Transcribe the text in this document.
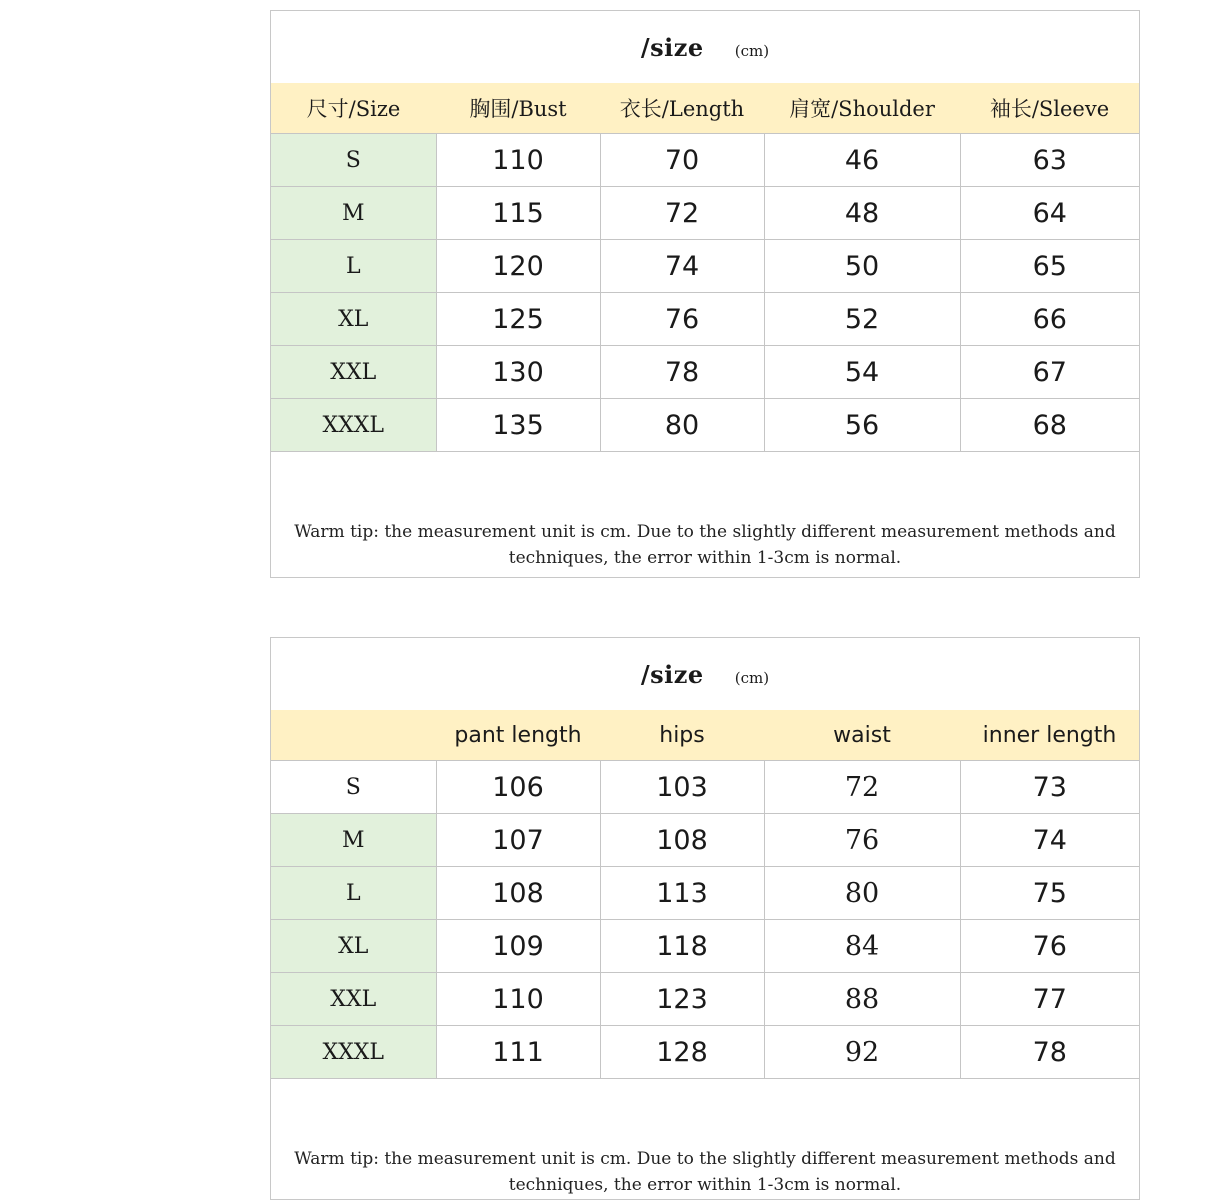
/size (cm)
尺寸/Size	胸围/Bust	衣长/Length	肩宽/Shoulder	袖长/Sleeve
S	110	70	46	63
M	115	72	48	64
L	120	74	50	65
XL	125	76	52	66
XXL	130	78	54	67
XXXL	135	80	56	68
Warm tip: the measurement unit is cm. Due to the slightly different measurement methods and
techniques, the error within 1-3cm is normal.
/size (cm)
	pant length	hips	waist	inner length
S	106	103	72	73
M	107	108	76	74
L	108	113	80	75
XL	109	118	84	76
XXL	110	123	88	77
XXXL	111	128	92	78
Warm tip: the measurement unit is cm. Due to the slightly different measurement methods and
techniques, the error within 1-3cm is normal.
